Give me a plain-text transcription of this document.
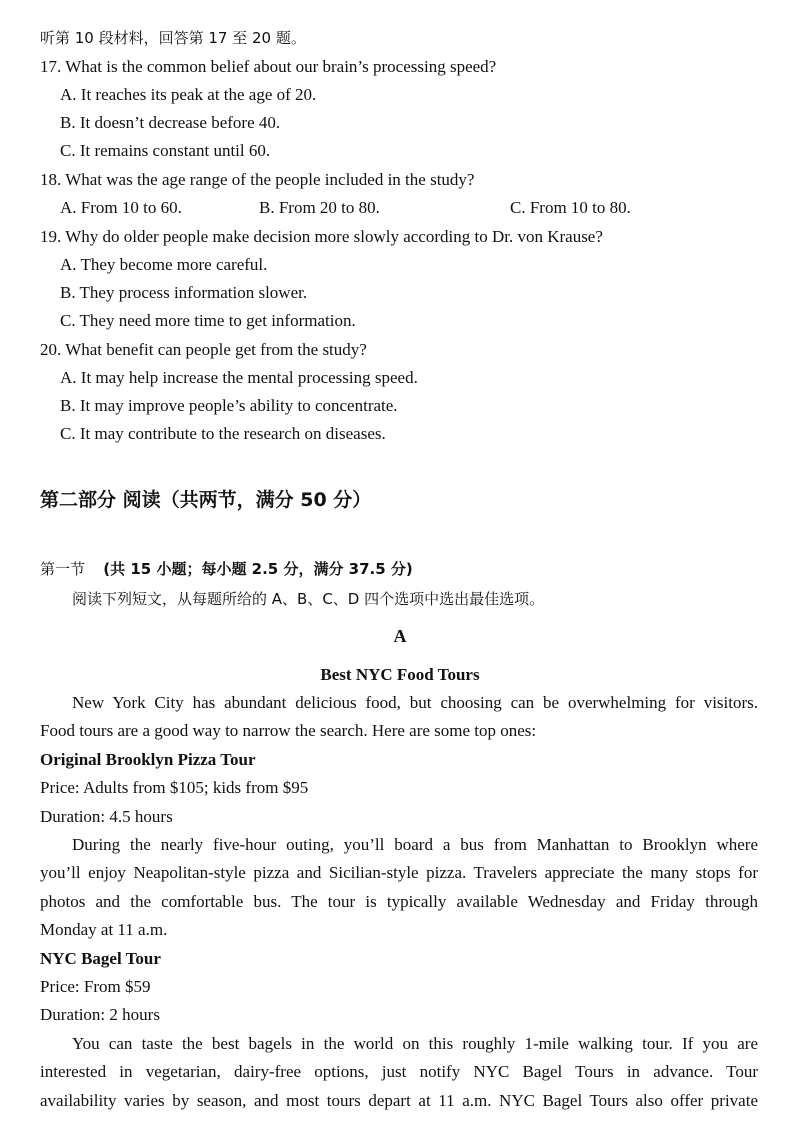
听第 10 段材料，回答第 17 至 20 题。
17. What is the common belief about our brain’s processing speed?
A. It reaches its peak at the age of 20.
B. It doesn’t decrease before 40.
C. It remains constant until 60.
18. What was the age range of the people included in the study?
A. From 10 to 60.	B. From 20 to 80.	C. From 10 to 80.
19. Why do older people make decision more slowly according to Dr. von Krause?
A. They become more careful.
B. They process information slower.
C. They need more time to get information.
20. What benefit can people get from the study?
A. It may help increase the mental processing speed.
B. It may improve people’s ability to concentrate.
C. It may contribute to the research on diseases.
第二部分 阅读（共两节，满分 50 分）
第一节 (共 15 小题；每小题 2.5 分，满分 37.5 分)
阅读下列短文，从每题所给的 A、B、C、D 四个选项中选出最佳选项。
A
Best NYC Food Tours
New York City has abundant delicious food, but choosing can be overwhelming for visitors.
Food tours are a good way to narrow the search. Here are some top ones:
Original Brooklyn Pizza Tour
Price: Adults from $105; kids from $95
Duration: 4.5 hours
During the nearly five-hour outing, you’ll board a bus from Manhattan to Brooklyn where
you’ll enjoy Neapolitan-style pizza and Sicilian-style pizza. Travelers appreciate the many stops for
photos and the comfortable bus. The tour is typically available Wednesday and Friday through
Monday at 11 a.m.
NYC Bagel Tour
Price: From $59
Duration: 2 hours
You can taste the best bagels in the world on this roughly 1-mile walking tour. If you are
interested in vegetarian, dairy-free options, just notify NYC Bagel Tours in advance. Tour
availability varies by season, and most tours depart at 11 a.m. NYC Bagel Tours also offer private
